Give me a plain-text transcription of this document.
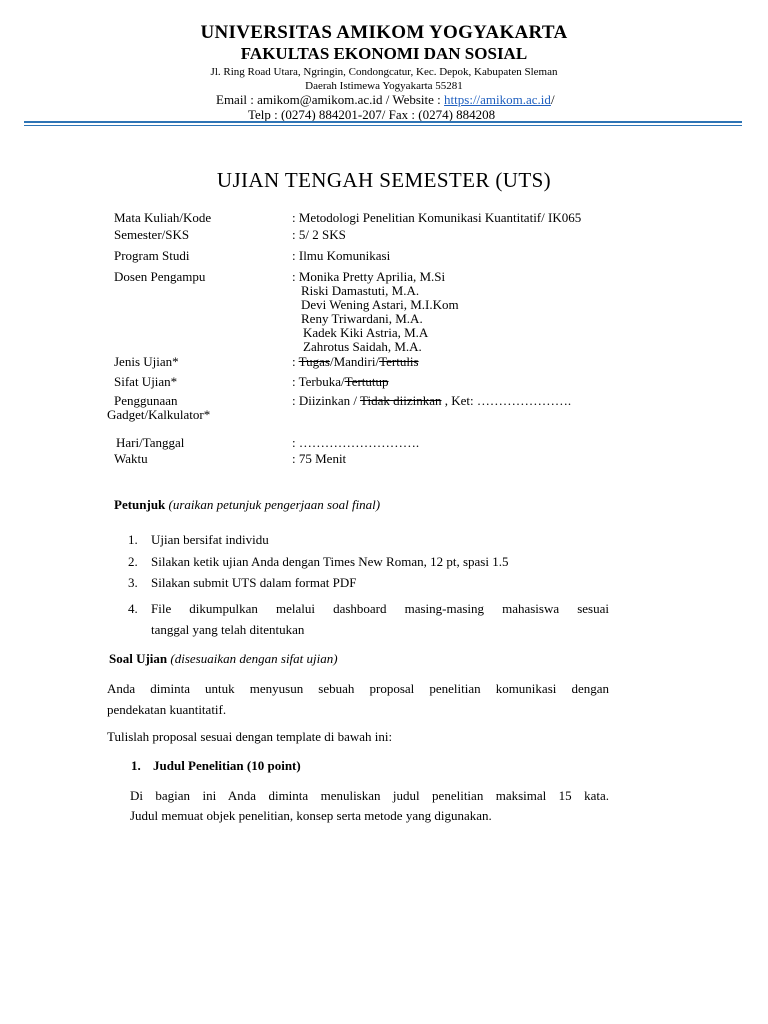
UNIVERSITAS AMIKOM YOGYAKARTA
FAKULTAS EKONOMI DAN SOSIAL
Jl. Ring Road Utara, Ngringin, Condongcatur, Kec. Depok, Kabupaten Sleman
Daerah Istimewa Yogyakarta 55281
Email : amikom@amikom.ac.id / Website : https://amikom.ac.id/
Telp : (0274) 884201-207/ Fax : (0274) 884208
UJIAN TENGAH SEMESTER (UTS)
Mata Kuliah/Kode	: Metodologi Penelitian Komunikasi Kuantitatif/ IK065
Semester/SKS	: 5/ 2 SKS
Program Studi	: Ilmu Komunikasi
Dosen Pengampu	: Monika Pretty Aprilia, M.Si
Riski Damastuti, M.A.
Devi Wening Astari, M.I.Kom
Reny Triwardani, M.A.
Kadek Kiki Astria, M.A
Zahrotus Saidah, M.A.
Jenis Ujian*	: Tugas/Mandiri/Tertulis
Sifat Ujian*	: Terbuka/Tertutup
Penggunaan
Gadget/Kalkulator*
: Diizinkan / Tidak diizinkan , Ket: ………………….
Hari/Tanggal	: ……………………….
Waktu	: 75 Menit
Petunjuk (uraikan petunjuk pengerjaan soal final)
1. Ujian bersifat individu
2. Silakan ketik ujian Anda dengan Times New Roman, 12 pt, spasi 1.5
3. Silakan submit UTS dalam format PDF
4. File dikumpulkan melalui dashboard masing-masing mahasiswa sesuai
tanggal yang telah ditentukan
Soal Ujian (disesuaikan dengan sifat ujian)
Anda diminta untuk menyusun sebuah proposal penelitian komunikasi dengan
pendekatan kuantitatif.
Tulislah proposal sesuai dengan template di bawah ini:
1. Judul Penelitian (10 point)
Di bagian ini Anda diminta menuliskan judul penelitian maksimal 15 kata.
Judul memuat objek penelitian, konsep serta metode yang digunakan.
